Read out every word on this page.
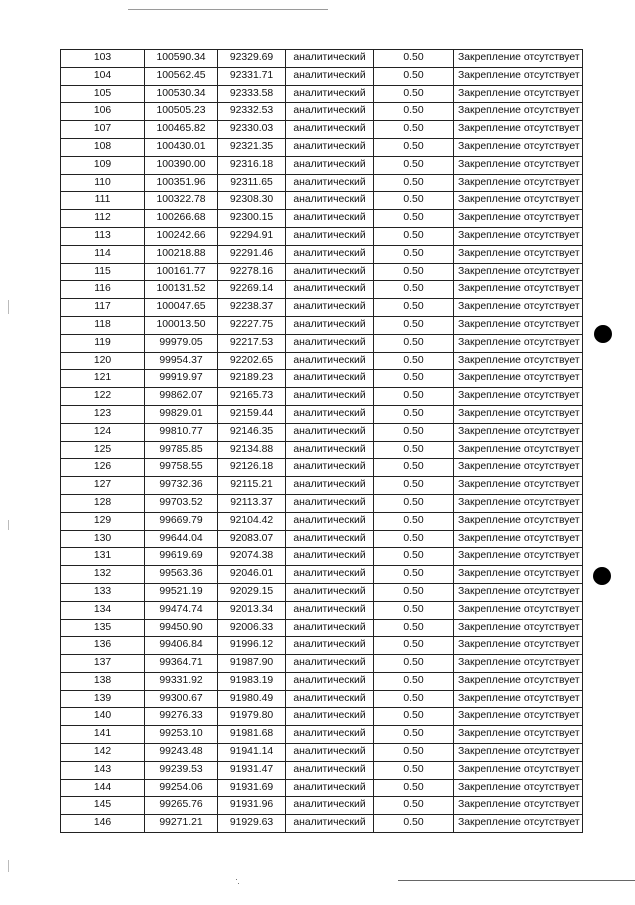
103	100590.34	92329.69	аналитический	0.50	Закрепление отсутствует
104	100562.45	92331.71	аналитический	0.50	Закрепление отсутствует
105	100530.34	92333.58	аналитический	0.50	Закрепление отсутствует
106	100505.23	92332.53	аналитический	0.50	Закрепление отсутствует
107	100465.82	92330.03	аналитический	0.50	Закрепление отсутствует
108	100430.01	92321.35	аналитический	0.50	Закрепление отсутствует
109	100390.00	92316.18	аналитический	0.50	Закрепление отсутствует
110	100351.96	92311.65	аналитический	0.50	Закрепление отсутствует
111	100322.78	92308.30	аналитический	0.50	Закрепление отсутствует
112	100266.68	92300.15	аналитический	0.50	Закрепление отсутствует
113	100242.66	92294.91	аналитический	0.50	Закрепление отсутствует
114	100218.88	92291.46	аналитический	0.50	Закрепление отсутствует
115	100161.77	92278.16	аналитический	0.50	Закрепление отсутствует
116	100131.52	92269.14	аналитический	0.50	Закрепление отсутствует
117	100047.65	92238.37	аналитический	0.50	Закрепление отсутствует
118	100013.50	92227.75	аналитический	0.50	Закрепление отсутствует
119	99979.05	92217.53	аналитический	0.50	Закрепление отсутствует
120	99954.37	92202.65	аналитический	0.50	Закрепление отсутствует
121	99919.97	92189.23	аналитический	0.50	Закрепление отсутствует
122	99862.07	92165.73	аналитический	0.50	Закрепление отсутствует
123	99829.01	92159.44	аналитический	0.50	Закрепление отсутствует
124	99810.77	92146.35	аналитический	0.50	Закрепление отсутствует
125	99785.85	92134.88	аналитический	0.50	Закрепление отсутствует
126	99758.55	92126.18	аналитический	0.50	Закрепление отсутствует
127	99732.36	92115.21	аналитический	0.50	Закрепление отсутствует
128	99703.52	92113.37	аналитический	0.50	Закрепление отсутствует
129	99669.79	92104.42	аналитический	0.50	Закрепление отсутствует
130	99644.04	92083.07	аналитический	0.50	Закрепление отсутствует
131	99619.69	92074.38	аналитический	0.50	Закрепление отсутствует
132	99563.36	92046.01	аналитический	0.50	Закрепление отсутствует
133	99521.19	92029.15	аналитический	0.50	Закрепление отсутствует
134	99474.74	92013.34	аналитический	0.50	Закрепление отсутствует
135	99450.90	92006.33	аналитический	0.50	Закрепление отсутствует
136	99406.84	91996.12	аналитический	0.50	Закрепление отсутствует
137	99364.71	91987.90	аналитический	0.50	Закрепление отсутствует
138	99331.92	91983.19	аналитический	0.50	Закрепление отсутствует
139	99300.67	91980.49	аналитический	0.50	Закрепление отсутствует
140	99276.33	91979.80	аналитический	0.50	Закрепление отсутствует
141	99253.10	91981.68	аналитический	0.50	Закрепление отсутствует
142	99243.48	91941.14	аналитический	0.50	Закрепление отсутствует
143	99239.53	91931.47	аналитический	0.50	Закрепление отсутствует
144	99254.06	91931.69	аналитический	0.50	Закрепление отсутствует
145	99265.76	91931.96	аналитический	0.50	Закрепление отсутствует
146	99271.21	91929.63	аналитический	0.50	Закрепление отсутствует
